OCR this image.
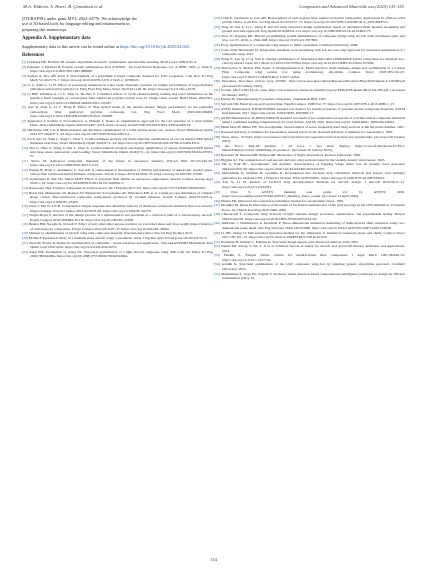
M.A. Yildirim, A. Haeri, B. Çimenkunt et al.	Composites and Advanced Materials xxx (2025) 141-155
(ITUBAP58), under grant MYL-2022-43776. We acknowledge the
use of AI-based tools for language editing and enhancement in
preparing this manuscript.
Appendix A. Supplementary data

Supplementary data to this article can be found online at https://doi.org/10.1016/j.dt.2025.02.020.

References
[1] Goldberg DE, Holland JH. Genetic algorithms in search, optimization, and machine learning. Mach Learn 1989;3:95–9.
[2] Kennedy J, Eberhart R. Particle swarm optimization. Proc ICNN'95 - Int Conf Neural Networks, vol. 4, IEEE; 1995, p. 1942–8. https://doi.org/10.1109/ICNN.1995.488968.
[3] Sezkan A, Ince AB, Polat Y. Development of a polyamide 6-based composite material for UAV propellers. Conf Proc Sci Eng Mech Sci 2023:73–7. https://doi.org/10.1016/978-3-031-17445-2_10790625.
[4] Li C, Xian G, Li H. Effect of postcuring immersed in water under hydraulic pressure on fatigue performance of large-diameter pultruded carbon/glass hybrid rod. Fatig Fract Eng Mater Struct 2019;42:1148–60. https://doi.org/10.1111/ffe.12978.
[5] Li HM, Uthaman A, Li C, Xian G, Thomas S. Combined effects of cyclic-tained bending loading and water immersion on the interface shear strength of carbon/glass fiber reinforced polymer hybrid rods for bridge cable. Constr Build Mater 2024;391. https://doi.org/10.1016/J.CONBUILDMAT.2021.125587.
[6] Guo R, Xian G, Li C, Hong B. Effect of fiber hybrid mode on the tension–tension fatigue performance for the pultruded carbon/glass fiber reinforced polymer composite rod. Eng Fract Mech 2022;260:108208. https://doi.org/10.1016/J.ENGFRACMECH.2021.108208.
[7] Kuznetsov I, Kozhin V, Novoskhonov A, Ekikem T, Nenov A. Optimization approach for the root structure of a wind turbine blade. Struct Multidiscip Optim 2020;62:2497–2516. https://doi.org/10.1007/S00158-024-03612-2/FIGURES/16.
[8] Hermanns SM, Liu P. Multi-material and thickness optimization of a wind turbine blade root section. Struct Multidiscip Optim 2024 677 2024;67:1–24. https://doi.org/10.1007/S00158-024-03812-2.
[9] Xu P, Guo W, Yang L, Yang C, Zhou S. Crashworthiness analysis and multi-objective optimization of a novel metal/CFRP hybrid thickness structures. Struct Multidiscip Optim 2024;67:1–24. https://doi.org/10.1007/S00158-024-03780-Z/TABLES/9.
[10] Zhu G, Zhao Z, Wang Z, Wei L, Zhao X. Crashworthiness analysis and design optimization of square aluminum/CFRP hybrid structures under quasi-static axial loading. Struct Multidiscip Optim 2024;67:1–14. https://doi.org/10.1007/S00158-024-03783-W.
[11] Maria M. Advanced composite materials of the future in aerospace industry. INCAS Bull 2013;5:139–50. https://doi.org/10.13111/2066-8201.2013.5.3.14.
[12] Ergene B, Bolat Ç, Karakılınç U, Irez AB. A comprehensive investigation of drilling performance of anisotropic stacked glass-carbon fiber reinforced hybrid laminate composites. Polym Compos 2023;44:2656–70. https://doi.org/10.1002/PC.27268.
[13] Jayakrishna K, Rai VK, Sultan MTH. Effect of polyester fiber lamina on aerospace components. Sustain Compos Aerosp Appl 2018:1–18. https://doi.org/10.1016/B978-0-08-102131-6.00001-3.
[14] Kesarwani Shel. Polymer composites in aviation sector. Int J Eng Res 2017;V6. https://doi.org/10.17577/IJERTV6IS060291.
[15] Belov DA, Mukarenko IV, Danaev AV, Babkin AV, Solopchenko AV, Yablokova MY, et al. Curing process simulation of complex shape carbon fiber-reinforced composite components produced by vacuum infusion. Polym Compos 2024;37:2255–9. https://doi.org/10.1002/PC.23403.
[16] Chen J, Yan W, Lin B. Compressive fatigue response and reliability analysis of thermoset composite sandwich after low-velocity impact damage. Polym Compos 2021;42:5478–90. https://doi.org/10.1002/PC.26279.
[17] Vargas-Rojas E. Review of the design process of a representative test specimen of a structural joint of a carbon-epoxy aircraft. Polym Compos 2019;40:E884–E1130. https://doi.org/10.1002/PC.25036.
[18] Behara BM, Saroglu K, Kavadt V. Effect of poly ether ether ketone particles on v-notched shear and drop weight impact behavior of carbon/epoxy composites. Polym Compos 2022;43:3129–37. https://doi.org/10.1002/PC.26632.
[19] Shabeer O. Optimization of aircraft wing with composite material. International J Innov Res Sci Eng Technol 2013.
[20] Moffie F. Parametric study of a medium-sized aircraft wing: a parametric study. J Ing Res Appl WwwLjeraCom 2014;4:53–5.
[21] Zhou M, Fleury R, Kemp M. Optimization of composite - recent advances and application. 13th AIAA/ISSMO Multidiscip Anal Optim Conf 2010:2010. https://doi.org/10.2514/6.2010-9272.
[22] Aung PM, Taramizhan G, Aung NL. Structural optimization of a light aircraft composite wing. IOP Conf Ser Mater Sci Eng 2020;780:044094. https://doi.org/10.1088/1757-899X/780/4/044094.
[23] Celik E, Sacmaozu G, Irez AB. Development of carbon-glass fiber reinforced hybrid composites: applications in offshore wind turbine blades. Conf Proc Sci Eng Mech Sci 2022:57–72. https://doi.org/10.1007/978-3-030-86741-4_4/FIGURES/3.
[24] Yang W, Yue Z, Li L, Wang P. Aircraft wing structural design optimization based on automated finite element modelling and ground structure approach. Eng Optim 2016;48:94–114. https://doi.org/10.1080/0305215X.2014.995175.
[25] Zhao W, Kapania RK. Bilevel programming weight minimization of composite flying-wing aircraft with curvilinear spars and ribs, vol. 57, 2019, p. 2594–608. https://doi.org/10.2514/1.J057892.
[26] Fu Q. Optimization of a composite wing subject to multi constraints. Cranfield University; 2008.
[27] Carbo SGP, Hernandez JS. Integrating automatic zone modelling with GA in a two-step approach for structural optimization of a composite wing, 2012.
[28] Wang Z, Luo Q, Li Q, Sun G. Design optimization of bioinspired helicoidal CFRP/GFRP hybrid composites for multiple low-velocity impact loads. Int J Mech Sci 2022;219:107064. https://doi.org/10.1016/J.IJMECSCI.2022.107064.
[29] Shrivastava S, Mohite PM, Yadav T, Malagaudanavar A. Multi-objective multi-laminate design and optimization of a Carbon Fiber Composite wing torsion box using evolutionary algorithm. Compos Struct 2018;185:132–47. https://doi.org/10.1016/J.COMPSTRUCT.2017.10.041.
[30] DowAksa. DowAksa carbon wrap UD300. https://www.dowaksa.com/en/ResourcesProducts/Files/2020/AksaCA-UD300.pdf [Accessed 20 January 2025].
[31] Evonik. MGS L385 Epoxy resin. https://www.hexion.com/en-us/chemistry/epoxy/EPIKOTE-Resin-MGS-LR-285.pdf. [Accessed 20 January 2025].
[32] Pucher M. Manufacturing of polymer composites. Chapman & Hall; 1997.
[33] Saltvedt DR. Hand lay-up and bag molding. Handb Compos 1998:552–77. https://doi.org/10.1007/978-1-4615-6389-1_27.
[34] ASTM International. D3039/D3039M standard test method for tensile properties of polymer matrix composite materials. ASTM International; 2017. https://doi.org/10.1520/D3039_D3039M-17.
[35] ASTM International. In-D6641/D6641M standard test method for compressive properties of polymer matrix composite materials using a combined loading compression (CLC) test fixture. ASTM; 2023. https://doi.org/10.1520/D6641_D6641M-16E02.
[36] Musil Max M, Miller FH. The aerodynamic characteristics of seven frequently used wing sections at full Reynolds number. 1927.
[37] National Advisory Committee for Aeronautics. Annual report of the National Advisory Committee for Aeronautics; 1935.
[38] Texas, Aksa - TUSAS. https://www.tusas.com/en/products/uav/operative-tactical-tactical-uav-system/anka. [Accessed 20 January 2025].
[39] Air Force. MQ-1B predator > air force > fact sheet display. https://www.af.mil/About-Us/Fact-Sheets/Display/Article/104469/mq-1b-predator/. [Accessed 20 January 2025].
[40] Kerensky M, Barnard RH, Philpot DR. Mechanics of flight. eleventh ed. Pearson Education; 1999.
[41] Higgins GJ. The comparison of well-known and new wing sections tested in the variable density wind tunnel. 1925.
[42] Hu G, Park HC. Aerodynamic and dynamic characteristics of flapping wings under low air density. Acta Astronaut 2024;222:650–66. https://doi.org/10.1016/J.ACTAASTRO.2024.04.035.
[43] Matsushima K, Shimizu R, Goshima K. Investigation into far-field drag calculation methods and pseudo total enthalpy generation for airplane CFD. J Fluid Sci Technol 2019;14:JFST0021. https://doi.org/10.1299/JFST.2019JFST0021.
[44] Fan Y, Li W. Review of far-field drag decomposition methods for aircraft design. J Aircraft 2019;56:11–21. https://doi.org/10.2514/1.C034781.
[45] Vyas S. ANSYS meshing user guide, vol. 12, ANSYS; 2010. https://www.academia.edu/2797440/ANSYS_Meshing_Users_Guide. [Accessed 14 April 2026].
[46] Menter FR. Improved two-equation k-turbulence models for aerodynamic flows. 1992.
[47] Khaldkar M, Desai D. Importance of the extent of far-field boundaries and of the grid topology in the CFD simulation of external flows. Int J Mech Prod Eng 2016:2000–2006.
[48] Chiavarossi T. Composite wing structure of light airplane design: processes, optimization, and experimental testing. Helyon 2023;9:e22193. https://doi.org/10.1016/J.HELIYON.2023.E22193.
[49] Jakšiwiec J, Stanikiewicz A, Płuciński P. Three-dimensional numerical modelling of multi-layered shell structures using two-dimensional plane mesh. Adv Eng Software 2024;149:102848. https://doi.org/10.1016/J.ADVENGSOFT.2020.102848.
[50] Li DH, Zhang JJ. Full extended layerwise method for the simulation of laminated composite plates and shells. Compos Struct 2017;187:101–13. https://doi.org/10.1016/J.COMPSTRUCT.2016.10.025.
[51] Neubauer H, Gimber C, Fuhlhus K. Structural design aspects and criteria for military UAV. 2007.
[52] Daniel IM, Zhang S, Wu Z. Ji et al. Ultimate factors of safety for aircraft and spacecraft-history, definition and applications. 2014.
[53] Hashin Z. Fatigue failure criteria for unidirectional fiber composites. J Appl Mech 1981;48:846–52. https://doi.org/10.1115/1.3157744.
[54] Gandhi R. Structural optimization of the UAV composite wing-box by adapting generic algorithms approach. Cranfield University; 2015.
[55] Muhammad S, Gopi ES, Yogesh V. Rocketre wheel selection-based computational intelligence technique to design an efficient transmission policy for
154
